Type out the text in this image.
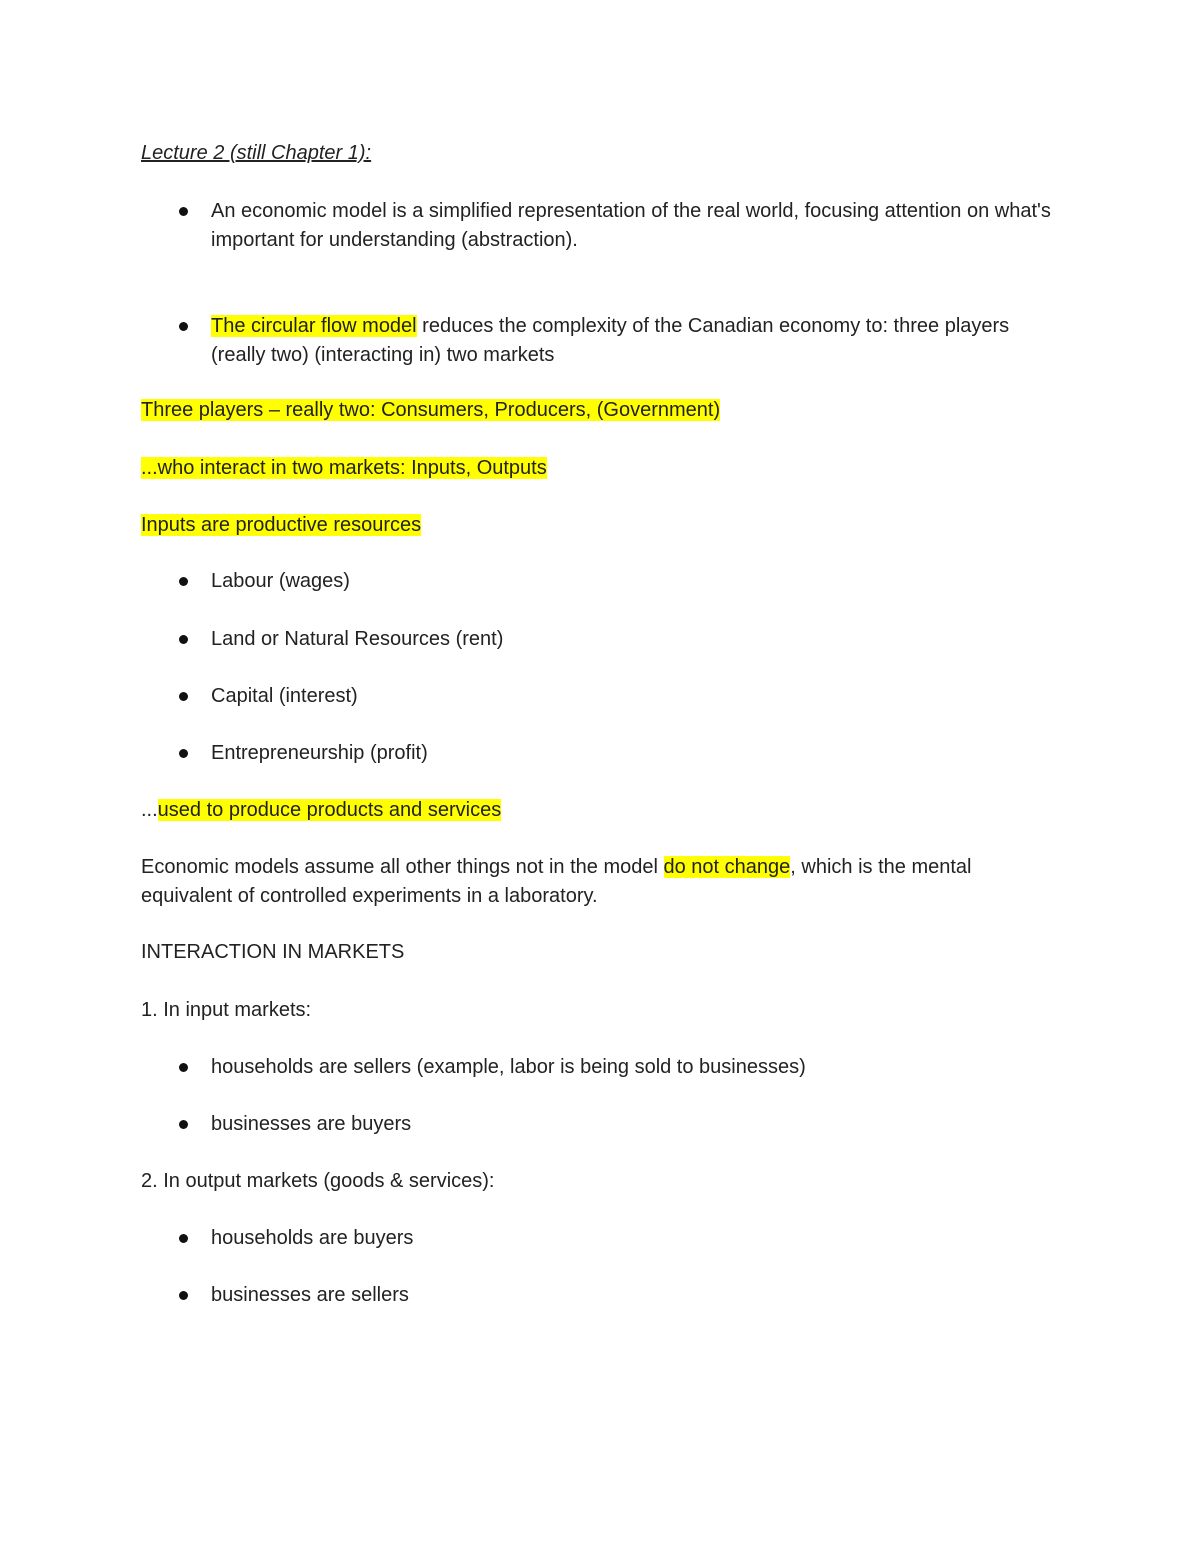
Lecture 2 (still Chapter 1):

An economic model is a simplified representation of the real world, focusing attention on what's important for understanding (abstraction).
The circular flow model reduces the complexity of the Canadian economy to: three players (really two) (interacting in) two markets

Three players – really two: Consumers, Producers, (Government)

...who interact in two markets: Inputs, Outputs

Inputs are productive resources

Labour (wages)
Land or Natural Resources (rent)
Capital (interest)
Entrepreneurship (profit)

...used to produce products and services

Economic models assume all other things not in the model do not change, which is the mental equivalent of controlled experiments in a laboratory.

INTERACTION IN MARKETS

1. In input markets:

households are sellers (example, labor is being sold to businesses)
businesses are buyers

2. In output markets (goods & services):

households are buyers
businesses are sellers
